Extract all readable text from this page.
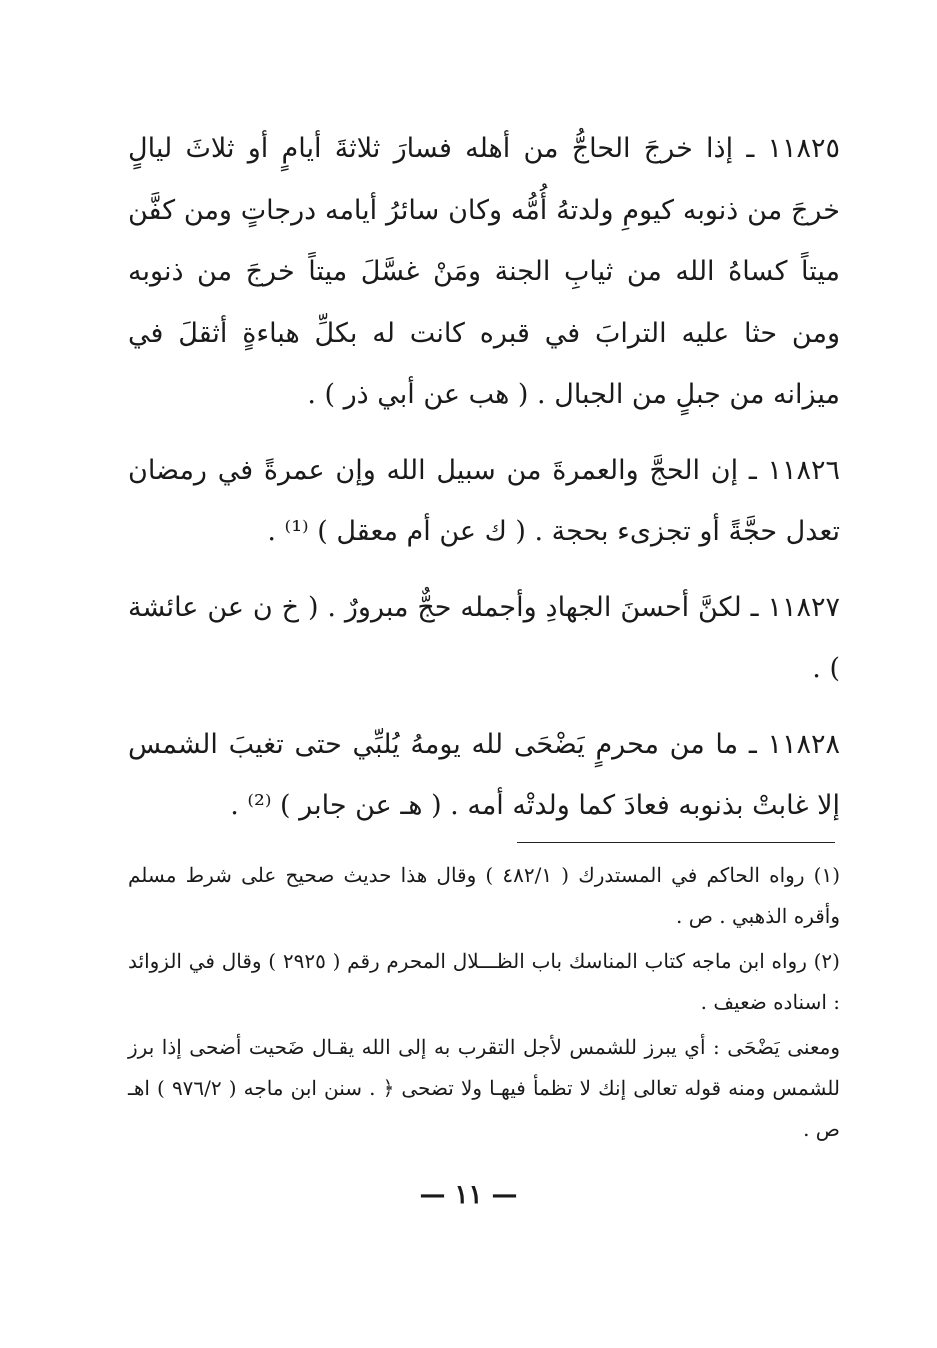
١١٨٢٥ ـ إذا خرجَ الحاجُّ من أهله فسارَ ثلاثةَ أيامٍ أو ثلاثَ ليالٍ خرجَ من ذنوبه كيومِ ولدتهُ أُمُّه وكان سائرُ أيامه درجاتٍ ومن كفَّن ميتاً كساهُ الله من ثيابِ الجنة ومَنْ غسَّلَ ميتاً خرجَ من ذنوبه ومن حثا عليه الترابَ في قبره كانت له بكلِّ هباءةٍ أثقلَ في ميزانه من جبلٍ من الجبال . ( هب عن أبي ذر ) .

١١٨٢٦ ـ إن الحجَّ والعمرةَ من سبيل الله وإن عمرةً في رمضان تعدل حجَّةً أو تجزىء بحجة . ( ك عن أم معقل ) ⁽¹⁾ .

١١٨٢٧ ـ لكنَّ أحسنَ الجهادِ وأجمله حجٌّ مبرورٌ . ( خ ن عن عائشة ) .

١١٨٢٨ ـ ما من محرمٍ يَضْحَى لله يومهُ يُلبِّي حتى تغيبَ الشمس إلا غابتْ بذنوبه فعادَ كما ولدتْه أمه . ( هـ عن جابر ) ⁽²⁾ .

(١) رواه الحاكم في المستدرك ( ٤٨٢/١ ) وقال هذا حديث صحيح على شرط مسلم وأقره الذهبي . ص .

(٢) رواه ابن ماجه كتاب المناسك باب الظـــلال المحرم رقم ( ٢٩٢٥ ) وقال في الزوائد : اسناده ضعيف .

ومعنى يَضْحَى : أي يبرز للشمس لأجل التقرب به إلى الله يقـال ضَحيت أضحى إذا برز للشمس ومنه قوله تعالى إنك لا تظمأ فيهـا ولا تضحى ﴿ . سنن ابن ماجه ( ٩٧٦/٢ ) اهـ ص .

— ١١ —
